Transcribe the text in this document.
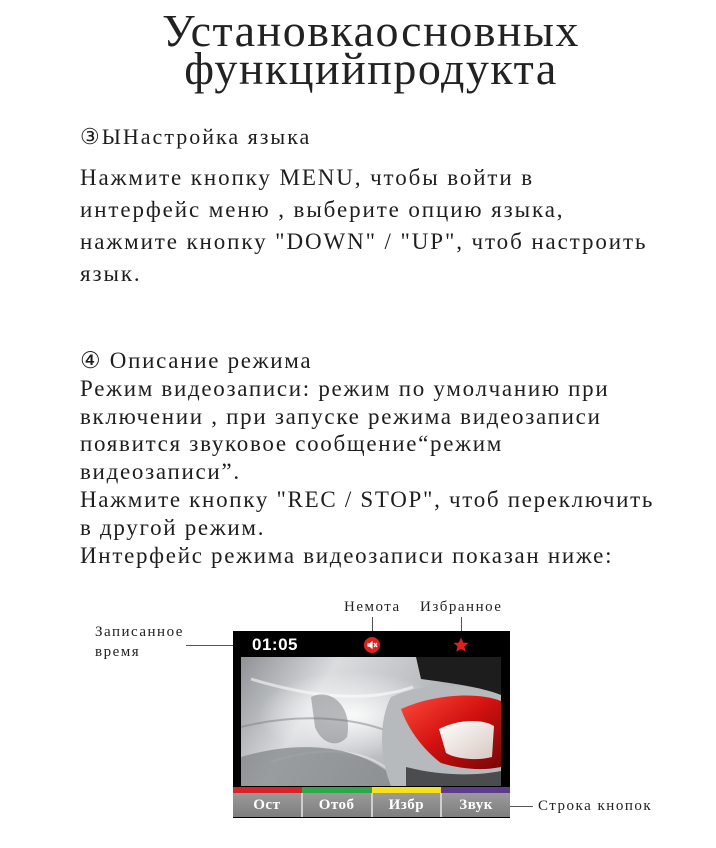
Установкаосновных
функцийпродукта
③ЫНастройка языка
Нажмите кнопку MENU, чтобы войти в
интерфейс меню , выберите опцию языка,
нажмите кнопку "DOWN" / "UP", чтоб настроить
язык.
④ Описание режима
Режим видеозаписи: режим по умолчанию при
включении , при запуске режима видеозаписи
появится звуковое сообщение“режим
видеозаписи”.
Нажмите кнопку "REC / STOP", чтоб переключить
в другой режим.
Интерфейс режима видеозаписи показан ниже:
Немота Избранное
Записанное
время
Строка кнопок
01:05
Ост	Отоб	Избр	Звук
